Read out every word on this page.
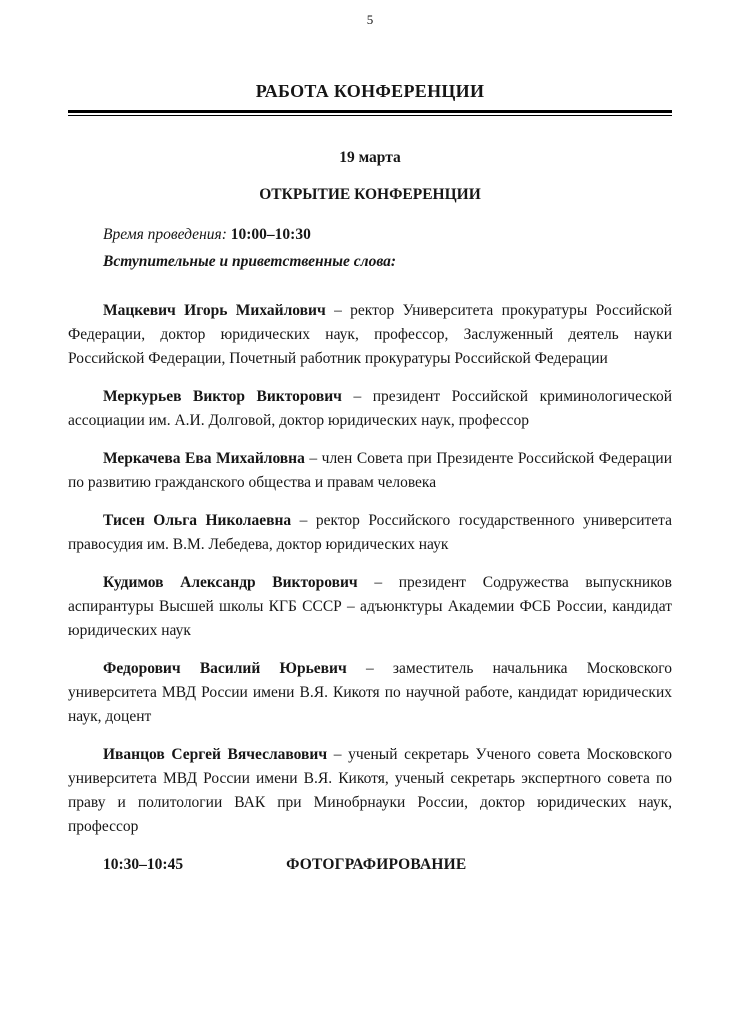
5
РАБОТА КОНФЕРЕНЦИИ
19 марта
ОТКРЫТИЕ КОНФЕРЕНЦИИ

Время проведения: 10:00–10:30

Вступительные и приветственные слова:

Мацкевич Игорь Михайлович – ректор Университета прокуратуры Российской Федерации, доктор юридических наук, профессор, Заслуженный деятель науки Российской Федерации, Почетный работник прокуратуры Российской Федерации

Меркурьев Виктор Викторович – президент Российской криминологической ассоциации им. А.И. Долговой, доктор юридических наук, профессор

Меркачева Ева Михайловна – член Совета при Президенте Российской Федерации по развитию гражданского общества и правам человека

Тисен Ольга Николаевна – ректор Российского государственного университета правосудия им. В.М. Лебедева, доктор юридических наук

Кудимов Александр Викторович – президент Содружества выпускников аспирантуры Высшей школы КГБ СССР – адъюнктуры Академии ФСБ России, кандидат юридических наук

Федорович Василий Юрьевич – заместитель начальника Московского университета МВД России имени В.Я. Кикотя по научной работе, кандидат юридических наук, доцент

Иванцов Сергей Вячеславович – ученый секретарь Ученого совета Московского университета МВД России имени В.Я. Кикотя, ученый секретарь экспертного совета по праву и политологии ВАК при Минобрнауки России, доктор юридических наук, профессор

10:30–10:45	ФОТОГРАФИРОВАНИЕ
